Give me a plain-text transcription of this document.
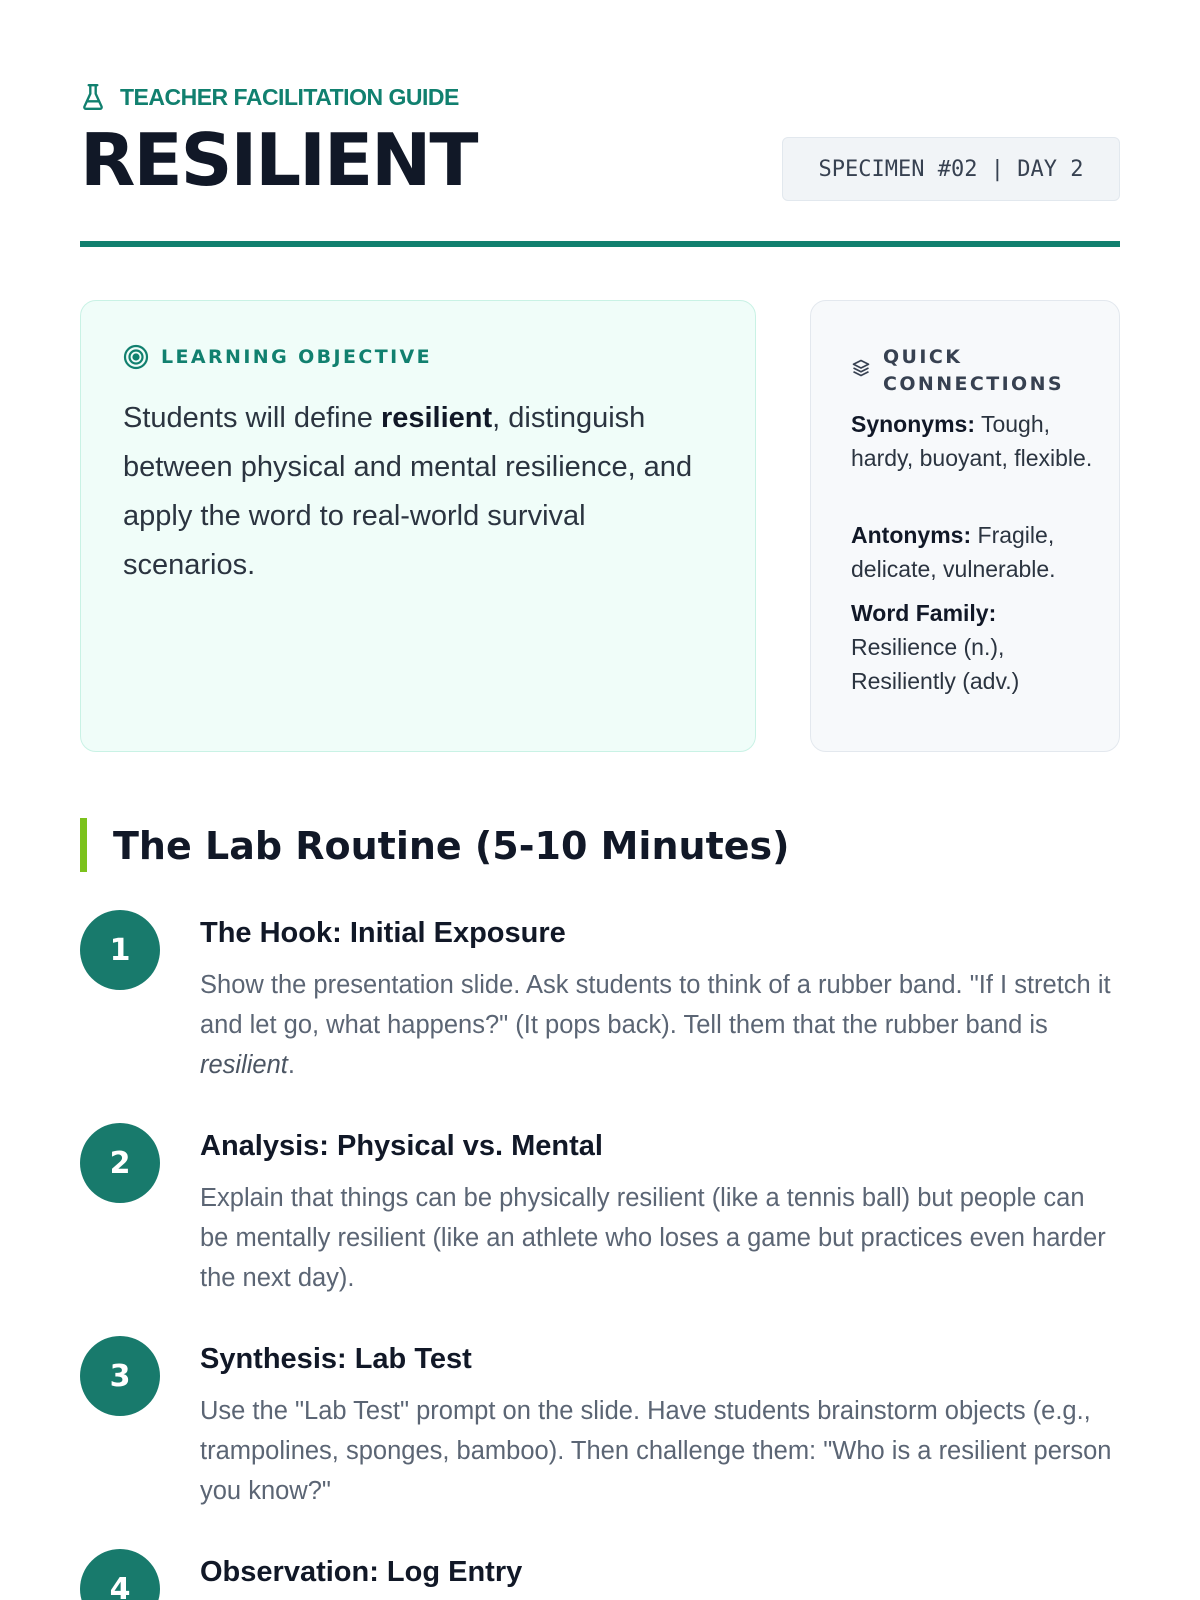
TEACHER FACILITATION GUIDE
RESILIENT	SPECIMEN #02 | DAY 2
LEARNING OBJECTIVE

Students will define resilient, distinguish between physical and mental resilience, and apply the word to real-world survival scenarios.

QUICK CONNECTIONS

Synonyms: Tough, hardy, buoyant, flexible.

Antonyms: Fragile, delicate, vulnerable.

Word Family: Resilience (n.), Resiliently (adv.)

The Lab Routine (5-10 Minutes)
1	The Hook: Initial Exposure

Show the presentation slide. Ask students to think of a rubber band. "If I stretch it and let go, what happens?" (It pops back). Tell them that the rubber band is resilient.

2	Analysis: Physical vs. Mental

Explain that things can be physically resilient (like a tennis ball) but people can be mentally resilient (like an athlete who loses a game but practices even harder the next day).

3	Synthesis: Lab Test

Use the "Lab Test" prompt on the slide. Have students brainstorm objects (e.g., trampolines, sponges, bamboo). Then challenge them: "Who is a resilient person you know?"

4	Observation: Log Entry
